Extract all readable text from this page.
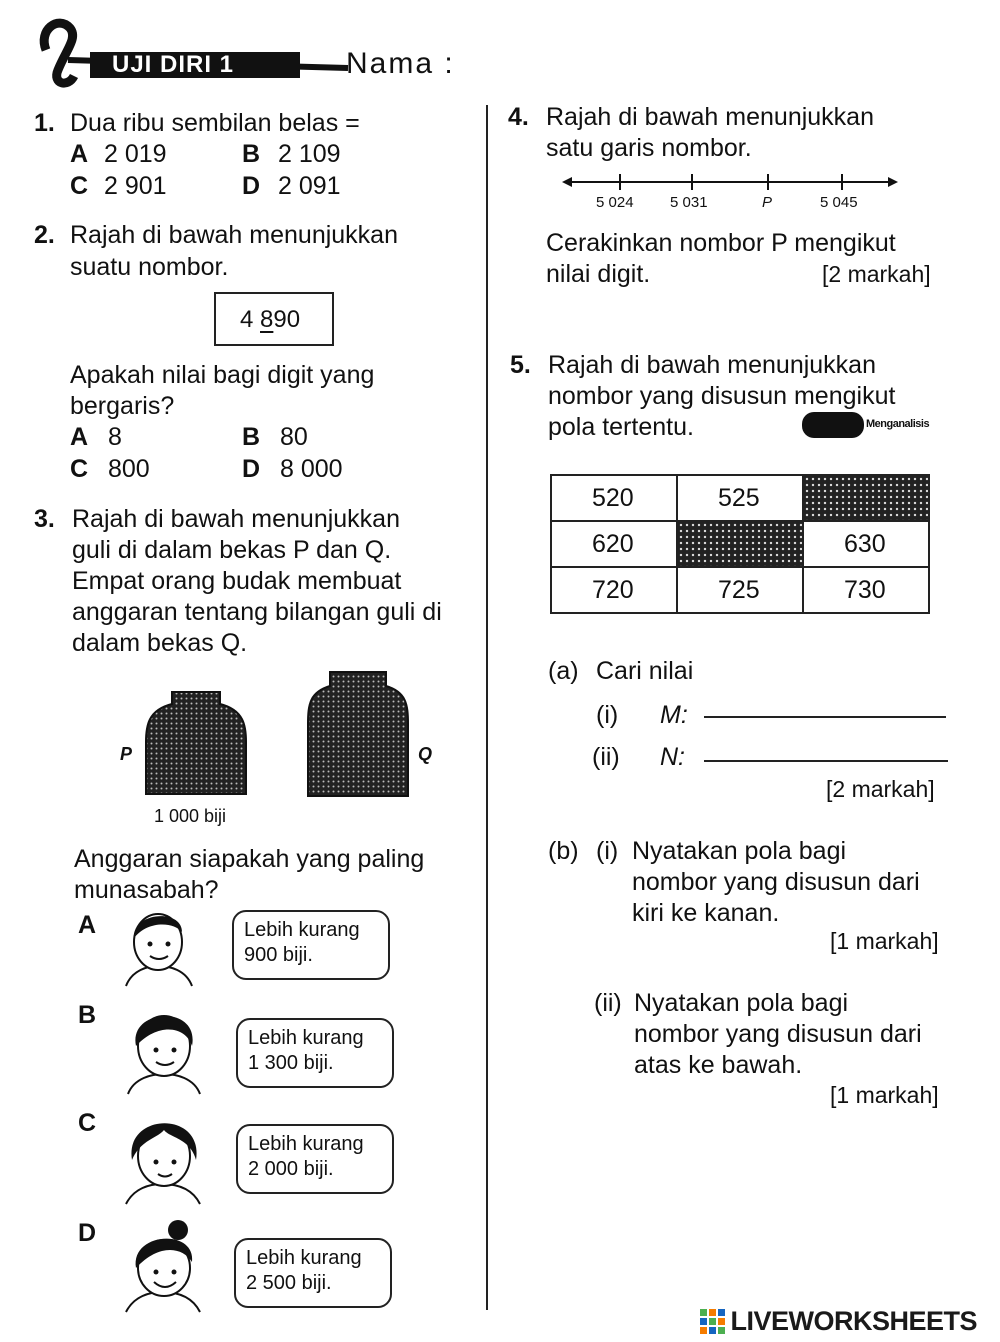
UJI DIRI 1	Nama :
1. Dua ribu sembilan belas =
A 2 019	B 2 109
C 2 901	D 2 091
2. Rajah di bawah menunjukkan
suatu nombor.
4 890
Apakah nilai bagi digit yang
bergaris?
A 8	B 80
C 800	D 8 000
3. Rajah di bawah menunjukkan
guli di dalam bekas P dan Q.
Empat orang budak membuat
anggaran tentang bilangan guli di
dalam bekas Q.
P	Q
1 000 biji
Anggaran siapakah yang paling
munasabah?
A	Lebih kurang
900 biji.
B
Lebih kurang
1 300 biji.
C
Lebih kurang
2 000 biji.
D
Lebih kurang
2 500 biji.
4. Rajah di bawah menunjukkan
satu garis nombor.
5 024 5 031	P	5 045
Cerakinkan nombor P mengikut
nilai digit.	[2 markah]
5. Rajah di bawah menunjukkan
nombor yang disusun mengikut
pola tertentu.	Menganalisis
520	525	
620		630
720	725	730
(a) Cari nilai
(i) M:
(ii) N:
[2 markah]
(b) (i) Nyatakan pola bagi
nombor yang disusun dari
kiri ke kanan.
[1 markah]
(ii) Nyatakan pola bagi
nombor yang disusun dari
atas ke bawah.
[1 markah]
LIVEWORKSHEETS
